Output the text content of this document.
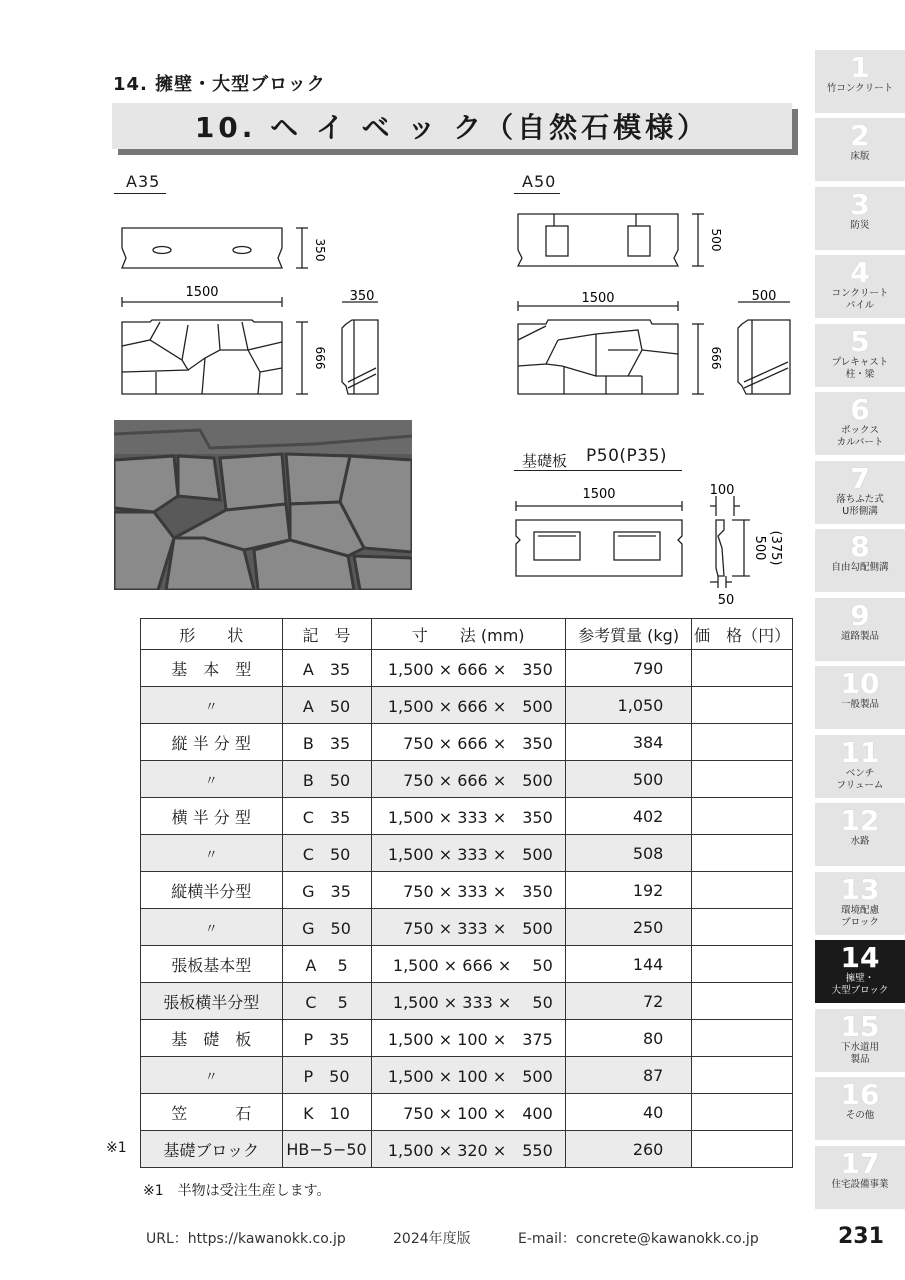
14. 擁壁・大型ブロック
10. ヘ イ ベ ッ ク（自然石模様）
A35	A50
350
1500
666
350
500
1500
666
500
基礎板 P50(P35)
1500	100
50
500 (375)
形　　状	記　号	寸　　法 (mm)	参考質量 (kg)	価　格（円）
基　本　型	A　35	1,500 × 666 ×　350	790	
〃	A　50	1,500 × 666 ×　500	1,050	
縦 半 分 型	B　35	750 × 666 ×　350	384	
〃	B　50	750 × 666 ×　500	500	
横 半 分 型	C　35	1,500 × 333 ×　350	402	
〃	C　50	1,500 × 333 ×　500	508	
縦横半分型	G　35	750 × 333 ×　350	192	
〃	G　50	750 × 333 ×　500	250	
張板基本型	A　 5	1,500 × 666 ×　 50	144	
張板横半分型	C　 5	1,500 × 333 ×　 50	72	
基　礎　板	P　35	1,500 × 100 ×　375	80	
〃	P　50	1,500 × 100 ×　500	87	
笠　　　石	K　10	750 × 100 ×　400	40	
基礎ブロック	HB−5−50	1,500 × 320 ×　550	260	
※1
※1　半物は受注生産します。
URL：https://kawanokk.co.jp	2024年度版	E-mail：concrete@kawanokk.co.jp	231
1
竹コンクリート
2
床版
3
防災
4
コンクリート
パイル
5
プレキャスト
柱・梁
6
ボックス
カルバート
7
落ちふた式
U形側溝
8
自由勾配側溝
9
道路製品
10
一般製品
11
ベンチ
フリューム
12
水路
13
環境配慮
ブロック
14
擁壁・
大型ブロック
15
下水道用
製品
16
その他
17
住宅設備事業
